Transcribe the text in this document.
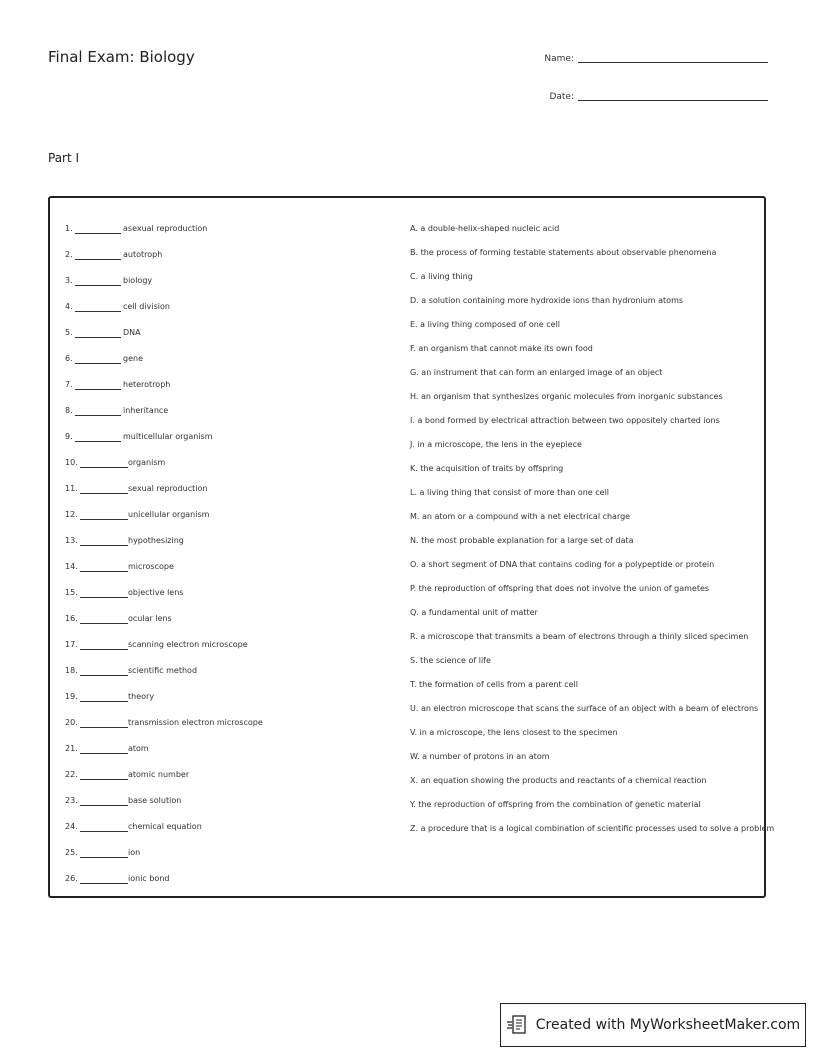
Final Exam: Biology	Name:
Date:
Part I
1.	asexual reproduction
2.	autotroph
3.	biology
4.	cell division
5.	DNA
6.	gene
7.	heterotroph
8.	inheritance
9.	multicellular organism
10.	organism
11.	sexual reproduction
12.	unicellular organism
13.	hypothesizing
14.	microscope
15.	objective lens
16.	ocular lens
17.	scanning electron microscope
18.	scientific method
19.	theory
20.	transmission electron microscope
21.	atom
22.	atomic number
23.	base solution
24.	chemical equation
25.	ion
26.	ionic bond
A. a double-helix-shaped nucleic acid
B. the process of forming testable statements about observable phenomena
C. a living thing
D. a solution containing more hydroxide ions than hydronium atoms
E. a living thing composed of one cell
F. an organism that cannot make its own food
G. an instrument that can form an enlarged image of an object
H. an organism that synthesizes organic molecules from inorganic substances
I. a bond formed by electrical attraction between two oppositely charted ions
J. in a microscope, the lens in the eyepiece
K. the acquisition of traits by offspring
L. a living thing that consist of more than one cell
M. an atom or a compound with a net electrical charge
N. the most probable explanation for a large set of data
O. a short segment of DNA that contains coding for a polypeptide or protein
P. the reproduction of offspring that does not involve the union of gametes
Q. a fundamental unit of matter
R. a microscope that transmits a beam of electrons through a thinly sliced specimen
S. the science of life
T. the formation of cells from a parent cell
U. an electron microscope that scans the surface of an object with a beam of electrons
V. in a microscope, the lens closest to the specimen
W. a number of protons in an atom
X. an equation showing the products and reactants of a chemical reaction
Y. the reproduction of offspring from the combination of genetic material
Z. a procedure that is a logical combination of scientific processes used to solve a problem
Created with MyWorksheetMaker.com
